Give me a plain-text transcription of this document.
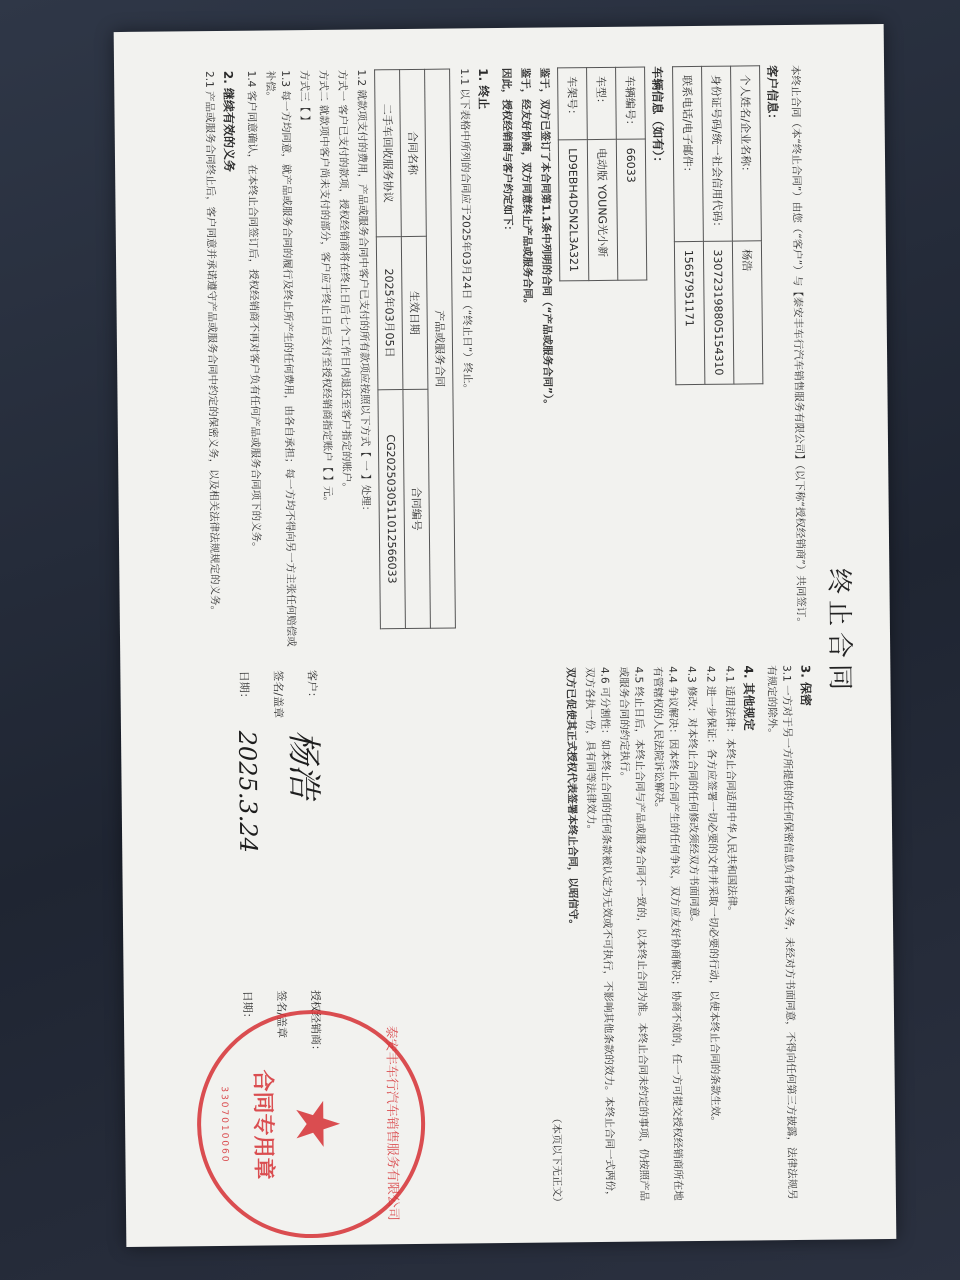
终止合同
本终止合同（本“终止合同”）由您（“客户”）与【泰安丰车行汽车销售服务有限公司】（以下称“授权经销商”）共同签订。
客户信息：
个人姓名/企业名称：	杨浩
身份证号码/统一社会信用代码：	330723198805154310
联系电话/电子邮件：	15657951171
车辆信息（如有）：
车辆编号：	66033
车型：	电动版 YOUNG光小新
车架号：	LD9EBH4D5N2L3A321
鉴于，双方已签订了本合同第1.1条中列明的合同（“产品或服务合同”）。
鉴于，经友好协商，双方同意终止产品或服务合同。
因此，授权经销商与客户约定如下：
1. 终止
1.1 以下表格中所列的合同应于2025年03月24日（“终止日”）终止。
产品或服务合同		
合同名称	生效日期	合同编号
二手车回收服务协议	2025年03月05日	CG20250305110125660​33
1.2 就款项支付的费用，产品或服务合同中客户已支付的所有款项应按照以下方式【 一 】处理：
方式一 客户已支付的款项，授权经销商将在终止日后七个工作日内退还至客户指定的账户。
方式二 就款项中客户尚未支付的部分，客户应于终止日后支付至授权经销商指定账户【 】元。
方式三【 】
1.3 每一方均同意，就产品或服务合同的履行及终止所产生的任何费用，由各自承担；每一方均不得向另一方主张任何赔偿或补偿。
1.4 客户同意确认，在本终止合同签订后，授权经销商不再对客户负有任何产品或服务合同项下的义务。
2. 继续有效的义务
2.1 产品或服务合同终止后，客户同意并承诺遵守产品或服务合同中约定的保密义务，以及相关法律法规规定的义务。
3. 保密
3.1 一方对于另一方所提供的任何保密信息负有保密义务，未经对方书面同意，不得向任何第三方披露，法律法规另有规定的除外。
4. 其他规定
4.1 适用法律：本终止合同适用中华人民共和国法律。
4.2 进一步保证：各方应签署一切必要的文件并采取一切必要的行动，以使本终止合同的条款生效。
4.3 修改：对本终止合同的任何修改须经双方书面同意。
4.4 争议解决：因本终止合同产生的任何争议，双方应友好协商解决；协商不成的，任一方可提交授权经销商所在地有管辖权的人民法院诉讼解决。
4.5 终止日后，本终止合同与产品或服务合同不一致的，以本终止合同为准。本终止合同未约定的事项，仍按照产品或服务合同的约定执行。
4.6 可分割性：如本终止合同的任何条款被认定为无效或不可执行，不影响其他条款的效力。本终止合同一式两份，双方各执一份，具有同等法律效力。
双方已促使其正式授权代表签署本终止合同，以昭信守。
（本页以下无正文）
客户：
签名/盖章
日期：
杨浩
2025.3.24
授权经销商：
签名/盖章
日期：
泰安丰车行汽车销售服务有限公司
★
合同专用章
3307010060
